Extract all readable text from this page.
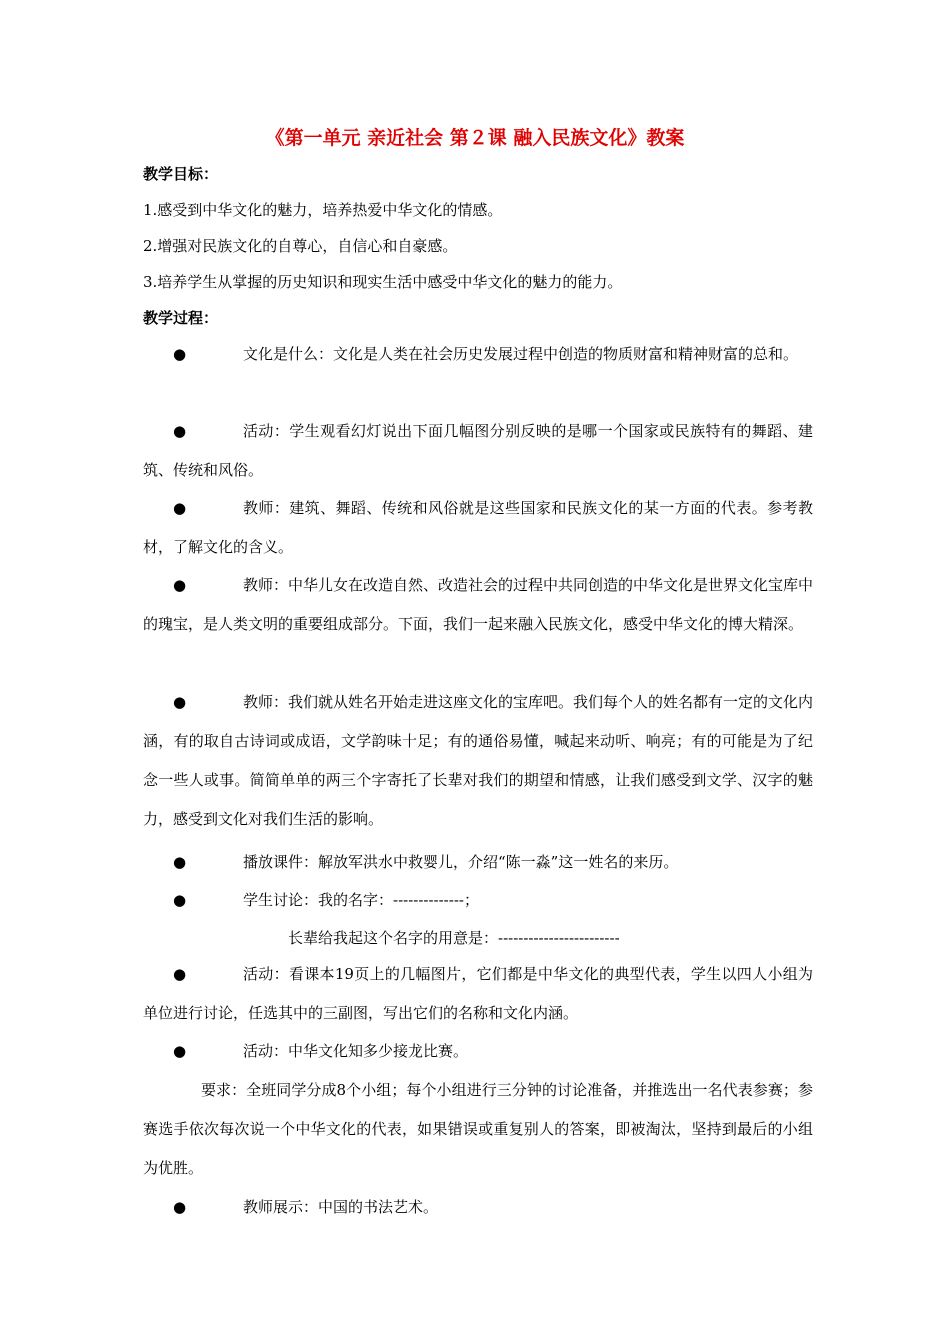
《第一单元 亲近社会 第２课 融入民族文化》教案
教学目标：
1.感受到中华文化的魅力，培养热爱中华文化的情感。
2.增强对民族文化的自尊心，自信心和自豪感。
3.培养学生从掌握的历史知识和现实生活中感受中华文化的魅力的能力。
教学过程：
●	文化是什么：文化是人类在社会历史发展过程中创造的物质财富和精神财富的总和。

●	活动：学生观看幻灯说出下面几幅图分别反映的是哪一个国家或民族特有的舞蹈、建筑、传统和风俗。

●	教师：建筑、舞蹈、传统和风俗就是这些国家和民族文化的某一方面的代表。参考教材，了解文化的含义。

●	教师：中华儿女在改造自然、改造社会的过程中共同创造的中华文化是世界文化宝库中的瑰宝，是人类文明的重要组成部分。下面，我们一起来融入民族文化，感受中华文化的博大精深。

●	教师：我们就从姓名开始走进这座文化的宝库吧。我们每个人的姓名都有一定的文化内涵，有的取自古诗词或成语，文学韵味十足；有的通俗易懂，喊起来动听、响亮；有的可能是为了纪念一些人或事。简简单单的两三个字寄托了长辈对我们的期望和情感，让我们感受到文学、汉字的魅力，感受到文化对我们生活的影响。

●	播放课件：解放军洪水中救婴儿，介绍“陈一淼”这一姓名的来历。

●	学生讨论：我的名字：--------------；

长辈给我起这个名字的用意是：------------------------
●	活动：看课本19页上的几幅图片，它们都是中华文化的典型代表，学生以四人小组为单位进行讨论，任选其中的三副图，写出它们的名称和文化内涵。

●	活动：中华文化知多少接龙比赛。

要求：全班同学分成8个小组；每个小组进行三分钟的讨论准备，并推选出一名代表参赛；参赛选手依次每次说一个中华文化的代表，如果错误或重复别人的答案，即被淘汰，坚持到最后的小组为优胜。

●	教师展示：中国的书法艺术。
